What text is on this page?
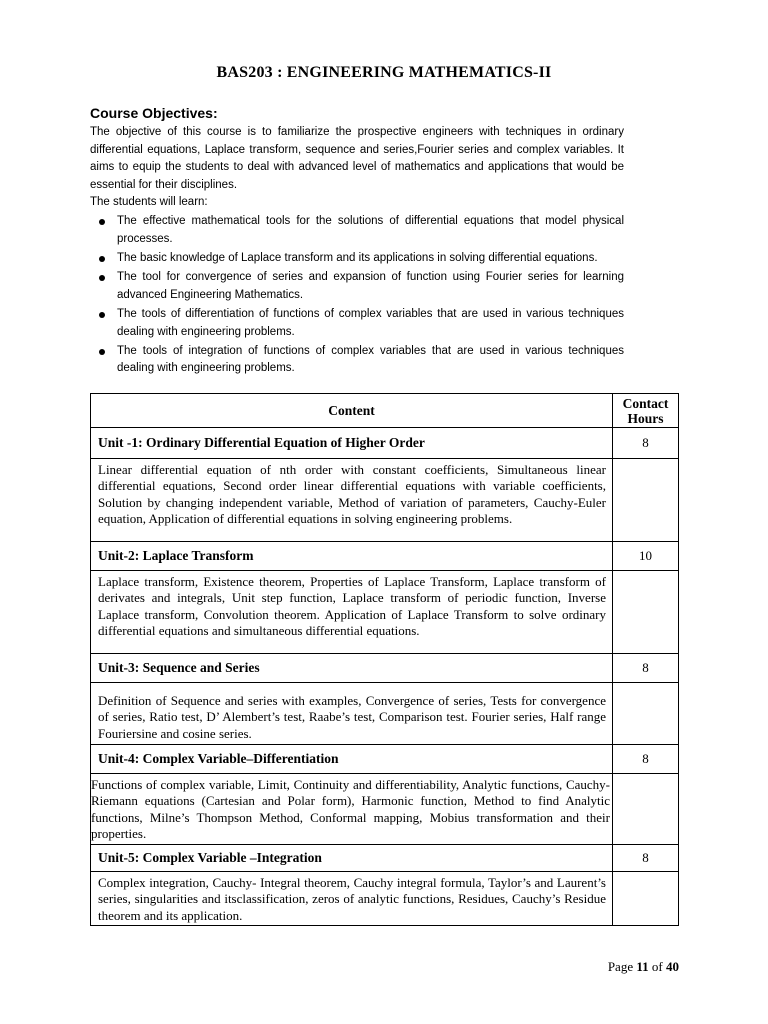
BAS203 : ENGINEERING MATHEMATICS-II

Course Objectives:

The objective of this course is to familiarize the prospective engineers with techniques in ordinary differential equations, Laplace transform, sequence and series,Fourier series and complex variables. It aims to equip the students to deal with advanced level of mathematics and applications that would be essential for their disciplines.

The students will learn:

The effective mathematical tools for the solutions of differential equations that model physical processes.
The basic knowledge of Laplace transform and its applications in solving differential equations.
The tool for convergence of series and expansion of function using Fourier series for learning advanced Engineering Mathematics.
The tools of differentiation of functions of complex variables that are used in various techniques dealing with engineering problems.
The tools of integration of functions of complex variables that are used in various techniques dealing with engineering problems.
Content	Contact
Hours

Unit -1: Ordinary Differential Equation of Higher Order	8

Linear differential equation of nth order with constant coefficients, Simultaneous linear differential equations, Second order linear differential equations with variable coefficients, Solution by changing independent variable, Method of variation of parameters, Cauchy-Euler equation, Application of differential equations in solving engineering problems.	

Unit-2: Laplace Transform	10

Laplace transform, Existence theorem, Properties of Laplace Transform, Laplace transform of derivates and integrals, Unit step function, Laplace transform of periodic function, Inverse Laplace transform, Convolution theorem. Application of Laplace Transform to solve ordinary differential equations and simultaneous differential equations.	

Unit-3: Sequence and Series	8

Definition of Sequence and series with examples, Convergence of series, Tests for convergence of series, Ratio test, D’ Alembert’s test, Raabe’s test, Comparison test. Fourier series, Half range Fouriersine and cosine series.	

Unit-4: Complex Variable–Differentiation	8

Functions of complex variable, Limit, Continuity and differentiability, Analytic functions, Cauchy- Riemann equations (Cartesian and Polar form), Harmonic function, Method to find Analytic functions, Milne’s Thompson Method, Conformal mapping, Mobius transformation and their properties.	

Unit-5: Complex Variable –Integration	8

Complex integration, Cauchy- Integral theorem, Cauchy integral formula, Taylor’s and Laurent’s series, singularities and itsclassification, zeros of analytic functions, Residues, Cauchy’s Residue theorem and its application.	

Page 11 of 40
